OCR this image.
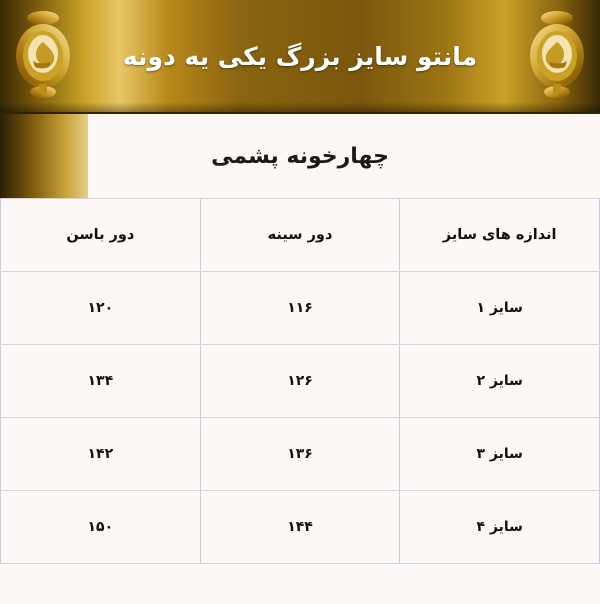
مانتو سایز بزرگ یکی یه دونه
چهارخونه پشمی
اندازه های سایز	دور سینه	دور باسن
سایز ۱	۱۱۶	۱۲۰
سایز ۲	۱۲۶	۱۳۴
سایز ۳	۱۳۶	۱۴۲
سایز ۴	۱۴۴	۱۵۰
